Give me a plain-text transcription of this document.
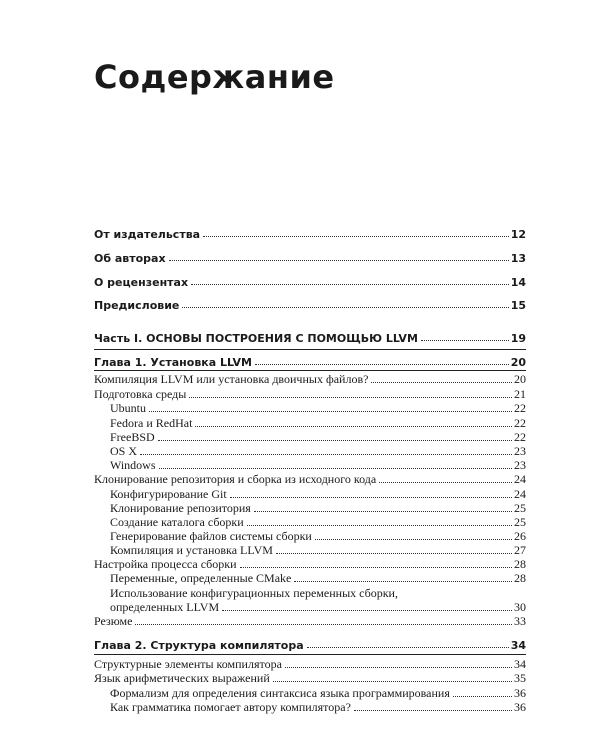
Содержание
От издательства	12
Об авторах	13
О рецензентах	14
Предисловие	15
Часть I. ОСНОВЫ ПОСТРОЕНИЯ С ПОМОЩЬЮ LLVM	19
Глава 1. Установка LLVM	20
Компиляция LLVM или установка двоичных файлов?	20
Подготовка среды	21
Ubuntu	22
Fedora и RedHat	22
FreeBSD	22
OS X	23
Windows	23
Клонирование репозитория и сборка из исходного кода	24
Конфигурирование Git	24
Клонирование репозитория	25
Создание каталога сборки	25
Генерирование файлов системы сборки	26
Компиляция и установка LLVM	27
Настройка процесса сборки	28
Переменные, определенные CMake	28
Использование конфигурационных переменных сборки,
определенных LLVM	30
Резюме	33
Глава 2. Структура компилятора	34
Структурные элементы компилятора	34
Язык арифметических выражений	35
Формализм для определения синтаксиса языка программирования	36
Как грамматика помогает автору компилятора?	36
